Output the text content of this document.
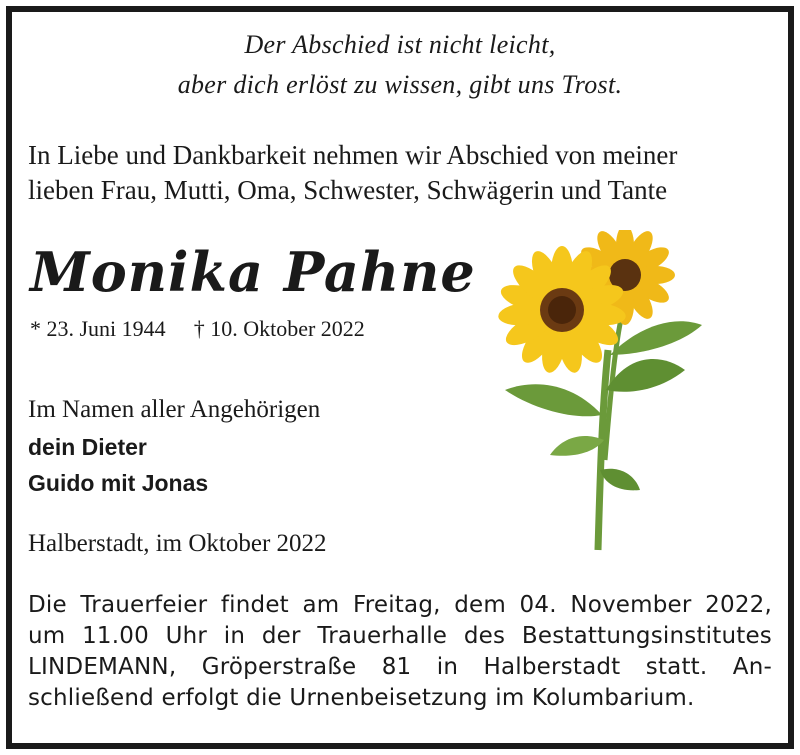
Der Abschied ist nicht leicht,
aber dich erlöst zu wissen, gibt uns Trost.
In Liebe und Dankbarkeit nehmen wir Abschied von meiner
lieben Frau, Mutti, Oma, Schwester, Schwägerin und Tante
Monika Pahne
* 23. Juni 1944 † 10. Oktober 2022
Im Namen aller Angehörigen
dein Dieter
Guido mit Jonas
Halberstadt, im Oktober 2022
Die Trauerfeier findet am Freitag, dem 04. November 2022,
um 11.00 Uhr in der Trauerhalle des Bestattungsinstitutes
LINDEMANN, Gröperstraße 81 in Halberstadt statt. An-
schließend erfolgt die Urnenbeisetzung im Kolumbarium.
